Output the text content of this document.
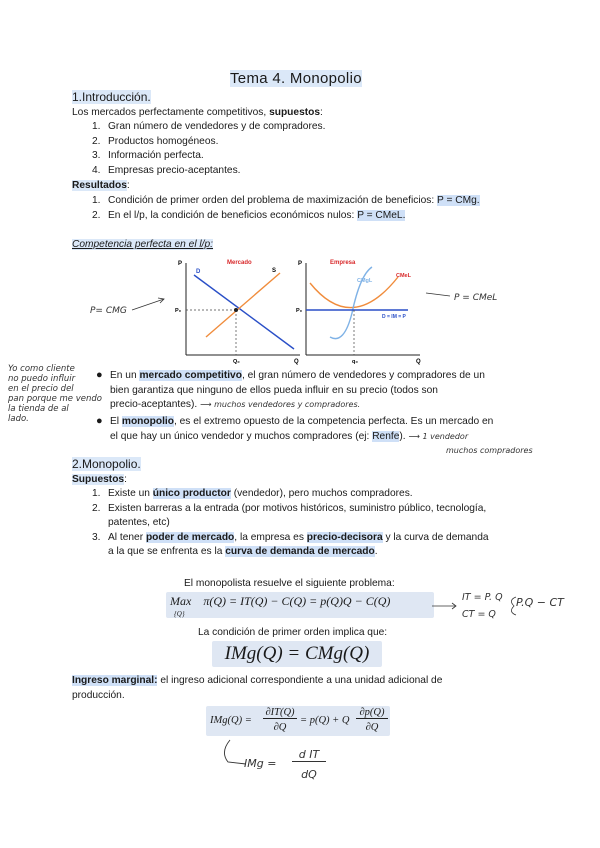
Tema 4. Monopolio
1.Introducción.
Los mercados perfectamente competitivos, supuestos:
1. Gran número de vendedores y de compradores.
2. Productos homogéneos.
3. Información perfecta.
4. Empresas precio-aceptantes.
Resultados:
1. Condición de primer orden del problema de maximización de beneficios: P = CMg.
2. En el l/p, la condición de beneficios económicos nulos: P = CMeL.
Competencia perfecta en el l/p:
P
Q
Mercado
D	S
P₀
Q₀
P
Q
Empresa
P₀
q₀
CMgL
CMeL
D = IM = P
P= CMG
P = CMeL
Yo como cliente
no puedo influir
en el precio del
pan porque me vendo
la tienda de al
lado.
● En un mercado competitivo, el gran número de vendedores y compradores de un
bien garantiza que ninguno de ellos pueda influir en su precio (todos son
precio-aceptantes). ⟶ muchos vendedores y compradores.
● El monopolio, es el extremo opuesto de la competencia perfecta. Es un mercado en
el que hay un único vendedor y muchos compradores (ej: Renfe). ⟶ 1 vendedor
muchos compradores
2.Monopolio.
Supuestos:
1. Existe un único productor (vendedor), pero muchos compradores.
2. Existen barreras a la entrada (por motivos históricos, suministro público, tecnología,
patentes, etc)
3. Al tener poder de mercado, la empresa es precio-decisora y la curva de demanda
a la que se enfrenta es la curva de demanda de mercado.
El monopolista resuelve el siguiente problema:
Max    π(Q) = IT(Q) − C(Q) = p(Q)Q − C(Q)
{Q}
IT = P. Q
CT = Q
P.Q − CT
La condición de primer orden implica que:
IMg(Q) = CMg(Q)
Ingreso marginal: el ingreso adicional correspondiente a una unidad adicional de
producción.
IMg(Q) =
∂IT(Q)
∂Q
= p(Q) + Q
∂p(Q)
∂Q
IMg =
d IT
dQ
